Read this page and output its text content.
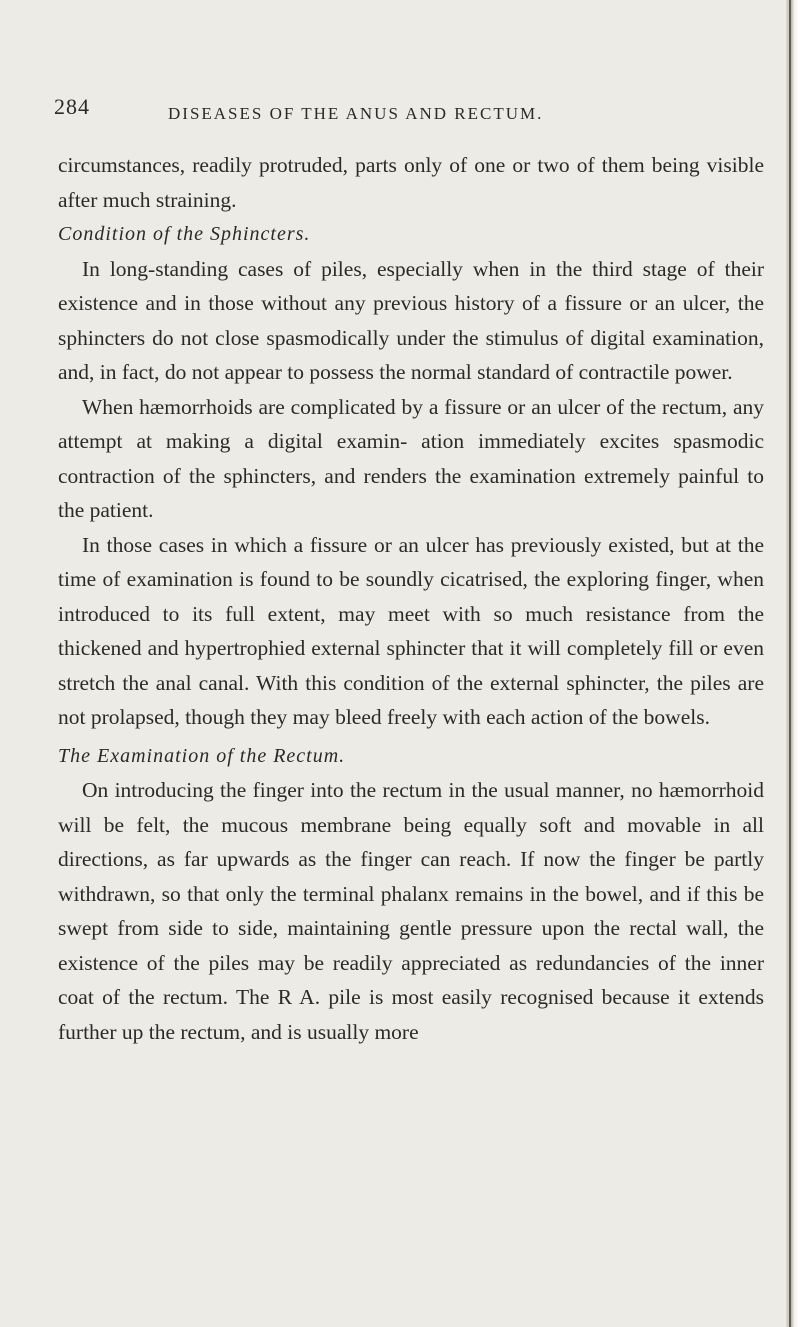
284	DISEASES OF THE ANUS AND RECTUM.

circumstances, readily protruded, parts only of one or two of them being visible after much straining.

Condition of the Sphincters.

In long-standing cases of piles, especially when in the third stage of their existence and in those without any previous history of a fissure or an ulcer, the sphincters do not close spasmodically under the stimulus of digital examination, and, in fact, do not appear to possess the normal standard of contractile power.

When hæmorrhoids are complicated by a fissure or an ulcer of the rectum, any attempt at making a digital examin- ation immediately excites spasmodic contraction of the sphincters, and renders the examination extremely painful to the patient.

In those cases in which a fissure or an ulcer has previously existed, but at the time of examination is found to be soundly cicatrised, the exploring finger, when introduced to its full extent, may meet with so much resistance from the thickened and hypertrophied external sphincter that it will completely fill or even stretch the anal canal. With this condition of the external sphincter, the piles are not prolapsed, though they may bleed freely with each action of the bowels.

The Examination of the Rectum.

On introducing the finger into the rectum in the usual manner, no hæmorrhoid will be felt, the mucous membrane being equally soft and movable in all directions, as far upwards as the finger can reach. If now the finger be partly withdrawn, so that only the terminal phalanx remains in the bowel, and if this be swept from side to side, maintaining gentle pressure upon the rectal wall, the existence of the piles may be readily appreciated as redundancies of the inner coat of the rectum. The R A. pile is most easily recognised because it extends further up the rectum, and is usually more
